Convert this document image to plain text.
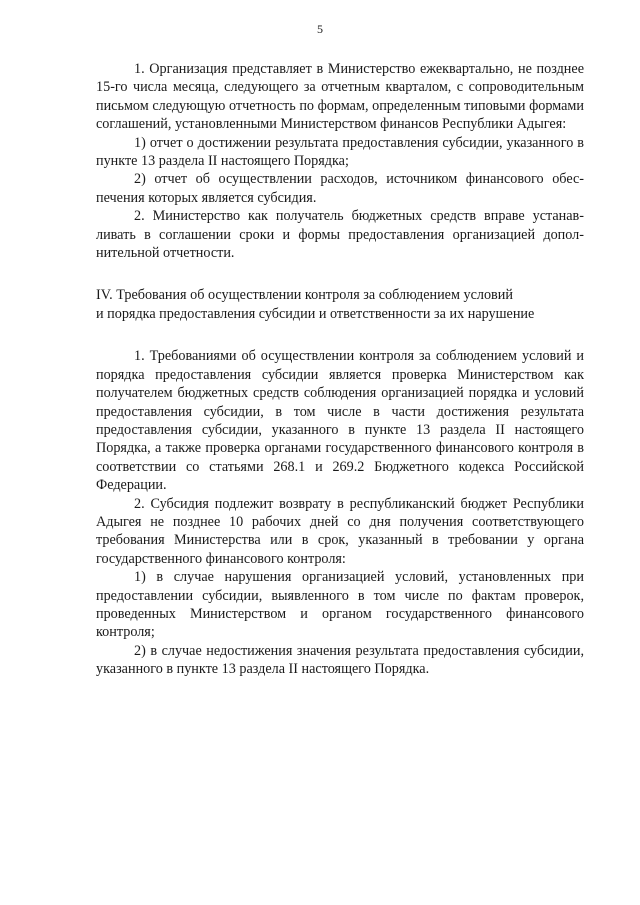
5

1. Организация представляет в Министерство ежеквартально, не позднее 15-го числа месяца, следующего за отчетным кварталом, с сопроводительным письмом следующую отчетность по формам, определенным типовыми формами соглашений, установленными Министерством финансов Республики Адыгея:

1) отчет о достижении результата предоставления субсидии, указанного в пункте 13 раздела II настоящего Порядка;

2) отчет об осуществлении расходов, источником финансового обеспечения которых является субсидия.

2. Министерство как получатель бюджетных средств вправе устанавливать в соглашении сроки и формы предоставления организацией дополнительной отчетности.

IV. Требования об осуществлении контроля за соблюдением условий
и порядка предоставления субсидии и ответственности за их нарушение

1. Требованиями об осуществлении контроля за соблюдением условий и порядка предоставления субсидии является проверка Министерством как получателем бюджетных средств соблюдения организацией порядка и условий предоставления субсидии, в том числе в части достижения результата предоставления субсидии, указанного в пункте 13 раздела II настоящего Порядка, а также проверка органами государственного финансового контроля в соответствии со статьями 268.1 и 269.2 Бюджетного кодекса Российской Федерации.

2. Субсидия подлежит возврату в республиканский бюджет Республики Адыгея не позднее 10 рабочих дней со дня получения соответствующего требования Министерства или в срок, указанный в требовании у органа государственного финансового контроля:

1) в случае нарушения организацией условий, установленных при предоставлении субсидии, выявленного в том числе по фактам проверок, проведенных Министерством и органом государственного финансового контроля;

2) в случае недостижения значения результата предоставления субсидии, указанного в пункте 13 раздела II настоящего Порядка.
